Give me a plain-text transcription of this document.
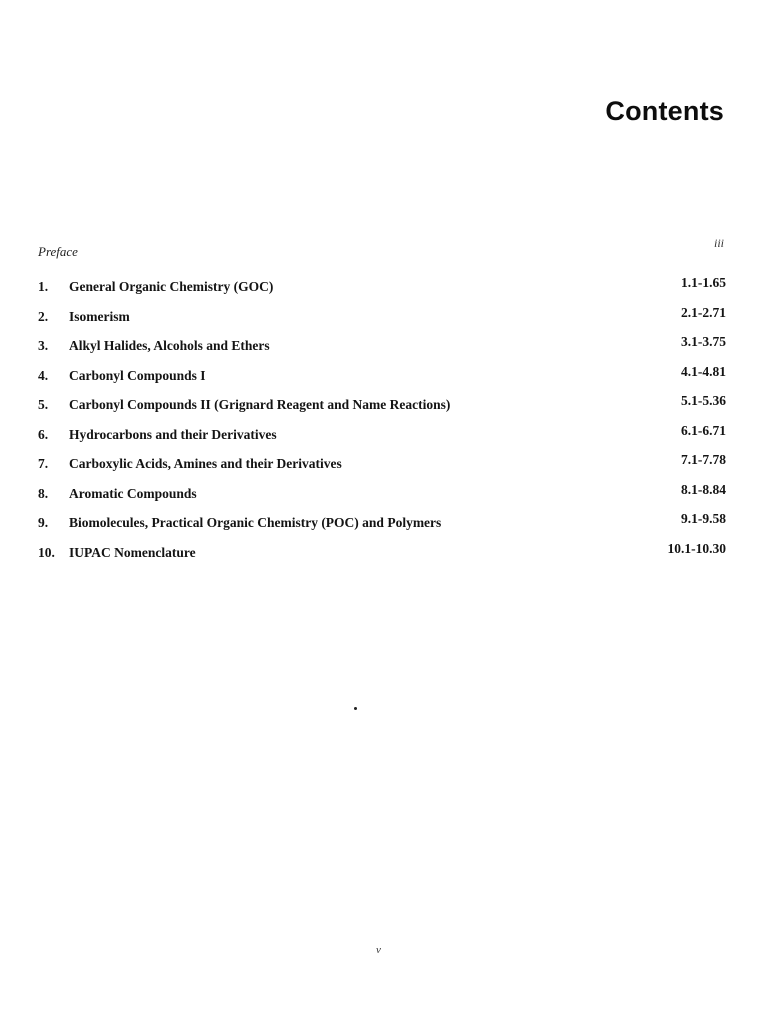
Contents
Preface
iii
1.	General Organic Chemistry (GOC)	1.1-1.65
2.	Isomerism	2.1-2.71
3.	Alkyl Halides, Alcohols and Ethers	3.1-3.75
4.	Carbonyl Compounds I	4.1-4.81
5.	Carbonyl Compounds II (Grignard Reagent and Name Reactions)	5.1-5.36
6.	Hydrocarbons and their Derivatives	6.1-6.71
7.	Carboxylic Acids, Amines and their Derivatives	7.1-7.78
8.	Aromatic Compounds	8.1-8.84
9.	Biomolecules, Practical Organic Chemistry (POC) and Polymers	9.1-9.58
10.	IUPAC Nomenclature	10.1-10.30
v
